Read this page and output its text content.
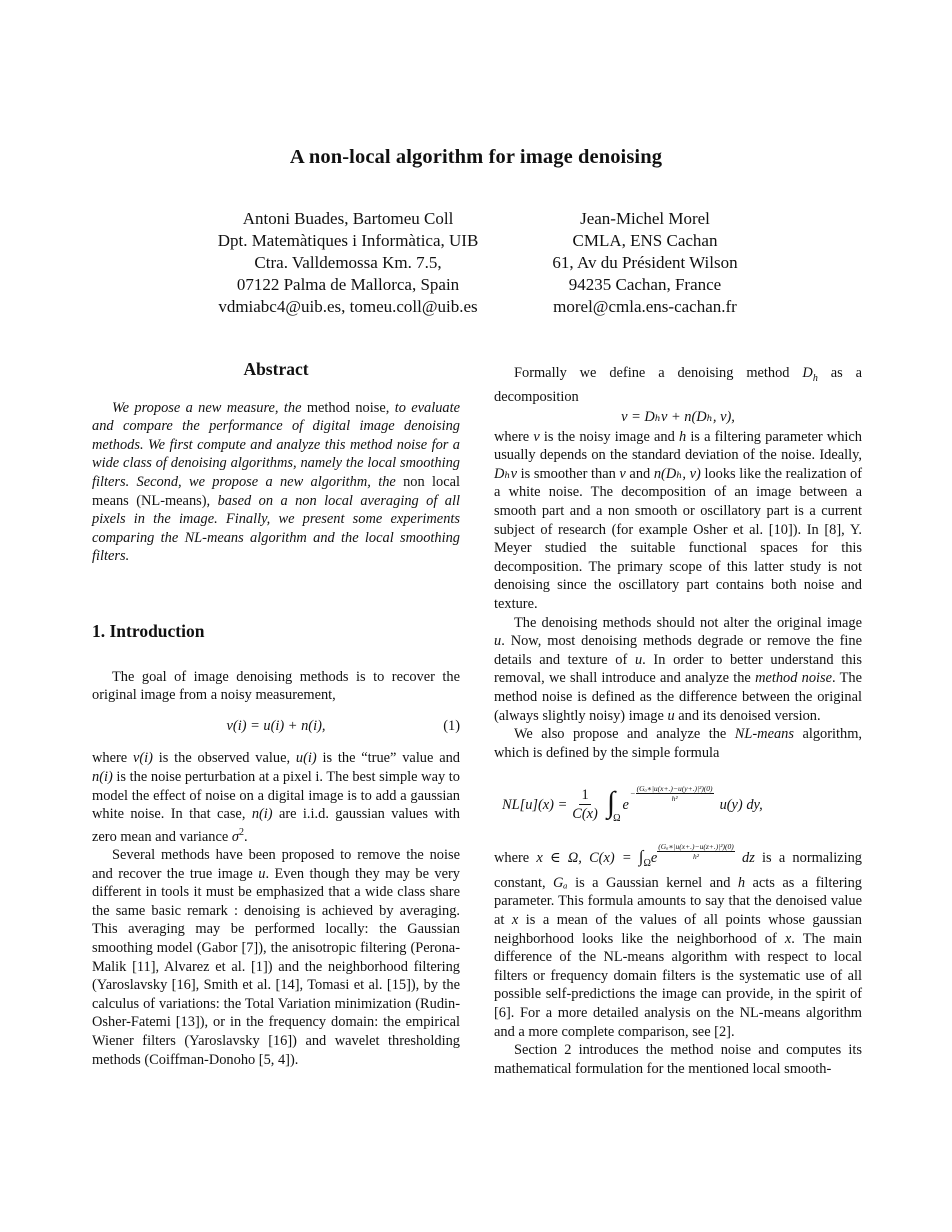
A non-local algorithm for image denoising
Antoni Buades, Bartomeu Coll
Dpt. Matemàtiques i Informàtica, UIB
Ctra. Valldemossa Km. 7.5,
07122 Palma de Mallorca, Spain
vdmiabc4@uib.es, tomeu.coll@uib.es
Jean-Michel Morel
CMLA, ENS Cachan
61, Av du Président Wilson
94235 Cachan, France
morel@cmla.ens-cachan.fr
Abstract

We propose a new measure, the method noise, to evaluate and compare the performance of digital image denoising methods. We first compute and analyze this method noise for a wide class of denoising algorithms, namely the local smoothing filters. Second, we propose a new algorithm, the non local means (NL-means), based on a non local averaging of all pixels in the image. Finally, we present some experiments comparing the NL-means algorithm and the local smoothing filters.

1. Introduction

The goal of image denoising methods is to recover the original image from a noisy measurement,

v(i) = u(i) + n(i),	(1)

where v(i) is the observed value, u(i) is the “true” value and n(i) is the noise perturbation at a pixel i. The best simple way to model the effect of noise on a digital image is to add a gaussian white noise. In that case, n(i) are i.i.d. gaussian values with zero mean and variance $\sigma^2$.

Several methods have been proposed to remove the noise and recover the true image u. Even though they may be very different in tools it must be emphasized that a wide class share the same basic remark : denoising is achieved by averaging. This averaging may be performed locally: the Gaussian smoothing model (Gabor [7]), the anisotropic filtering (Perona-Malik [11], Alvarez et al. [1]) and the neighborhood filtering (Yaroslavsky [16], Smith et al. [14], Tomasi et al. [15]), by the calculus of variations: the Total Variation minimization (Rudin-Osher-Fatemi [13]), or in the frequency domain: the empirical Wiener filters (Yaroslavsky [16]) and wavelet thresholding methods (Coiffman-Donoho [5, 4]).

Formally we define a denoising method $D_h$ as a decomposition

v = Dₕv + n(Dₕ, v),

where v is the noisy image and h is a filtering parameter which usually depends on the standard deviation of the noise. Ideally, Dₕv is smoother than v and n(Dₕ, v) looks like the realization of a white noise. The decomposition of an image between a smooth part and a non smooth or oscillatory part is a current subject of research (for example Osher et al. [10]). In [8], Y. Meyer studied the suitable functional spaces for this decomposition. The primary scope of this latter study is not denoising since the oscillatory part contains both noise and texture.

The denoising methods should not alter the original image u. Now, most denoising methods degrade or remove the fine details and texture of u. In order to better understand this removal, we shall introduce and analyze the method noise. The method noise is defined as the difference between the original (always slightly noisy) image u and its denoised version.

We also propose and analyze the NL-means algorithm, which is defined by the simple formula

$NL[u](x) = \frac{1}{C(x)}$ ∫
Ω
e
− $\frac{\text{(Gₐ∗|u(x+.)−u(y+.)|²)(0)}}{\text{h²}}$
u(y) dy,

where x ∈ Ω, $C(x) = \int_\Omega e \frac{\text{(Gₐ∗|u(x+.)−u(z+.)|²)(0)}}{\text{h²}}$ dz is a normalizing constant, Gₐ is a Gaussian kernel and h acts as a filtering parameter. This formula amounts to say that the denoised value at x is a mean of the values of all points whose gaussian neighborhood looks like the neighborhood of x. The main difference of the NL-means algorithm with respect to local filters or frequency domain filters is the systematic use of all possible self-predictions the image can provide, in the spirit of [6]. For a more detailed analysis on the NL-means algorithm and a more complete comparison, see [2].

Section 2 introduces the method noise and computes its mathematical formulation for the mentioned local smooth-
